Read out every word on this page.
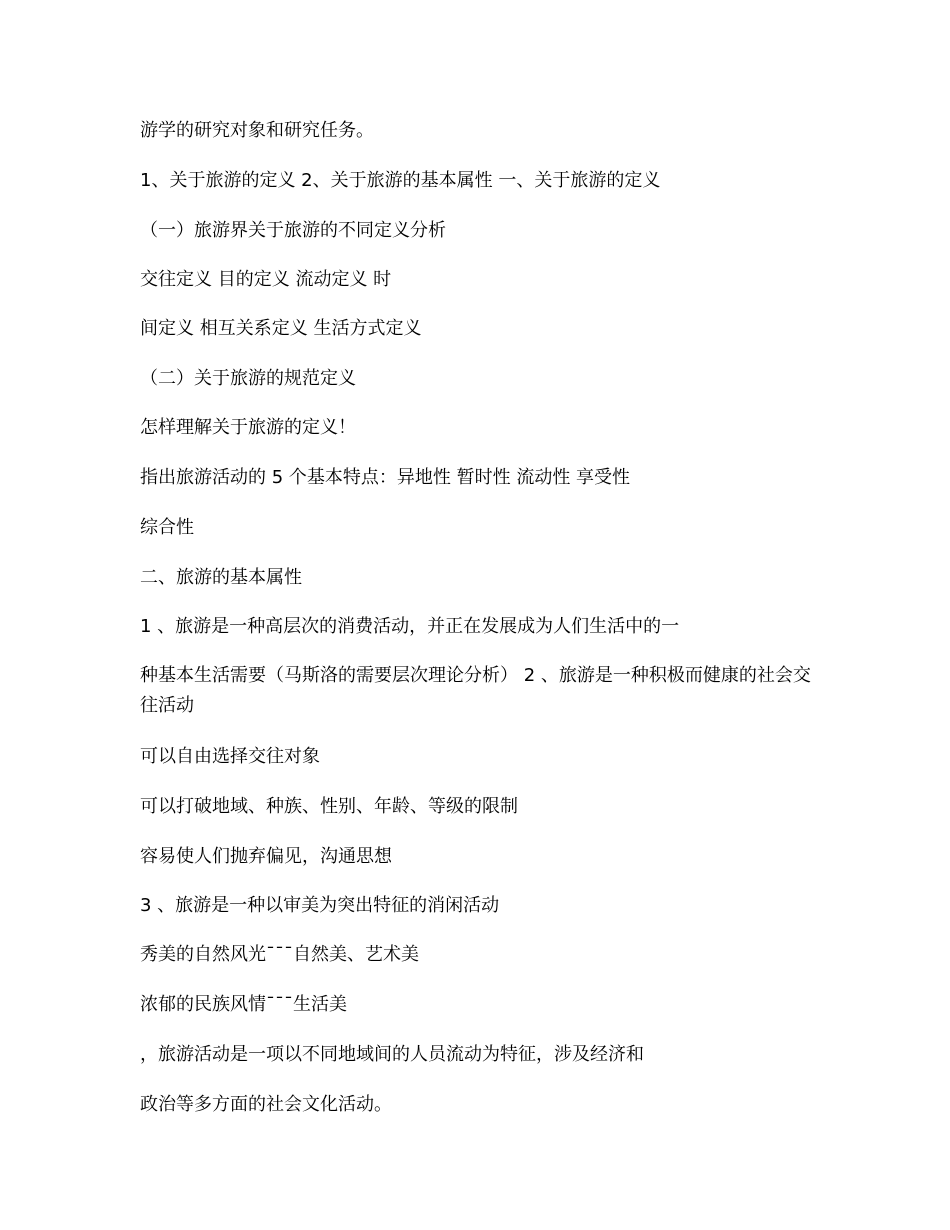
游学的研究对象和研究任务。

1、关于旅游的定义 2、关于旅游的基本属性 一、关于旅游的定义

（一）旅游界关于旅游的不同定义分析

交往定义 目的定义 流动定义 时

间定义 相互关系定义 生活方式定义

（二）关于旅游的规范定义

怎样理解关于旅游的定义！

指出旅游活动的 5 个基本特点：异地性 暂时性 流动性 享受性

综合性

二、旅游的基本属性

1 、旅游是一种高层次的消费活动，并正在发展成为人们生活中的一

种基本生活需要（马斯洛的需要层次理论分析） 2 、旅游是一种积极而健康的社会交往活动

可以自由选择交往对象

可以打破地域、种族、性别、年龄、等级的限制

容易使人们抛弃偏见，沟通思想

3 、旅游是一种以审美为突出特征的消闲活动

秀美的自然风光¯¯¯自然美、艺术美

浓郁的民族风情¯¯¯生活美

，旅游活动是一项以不同地域间的人员流动为特征，涉及经济和

政治等多方面的社会文化活动。
